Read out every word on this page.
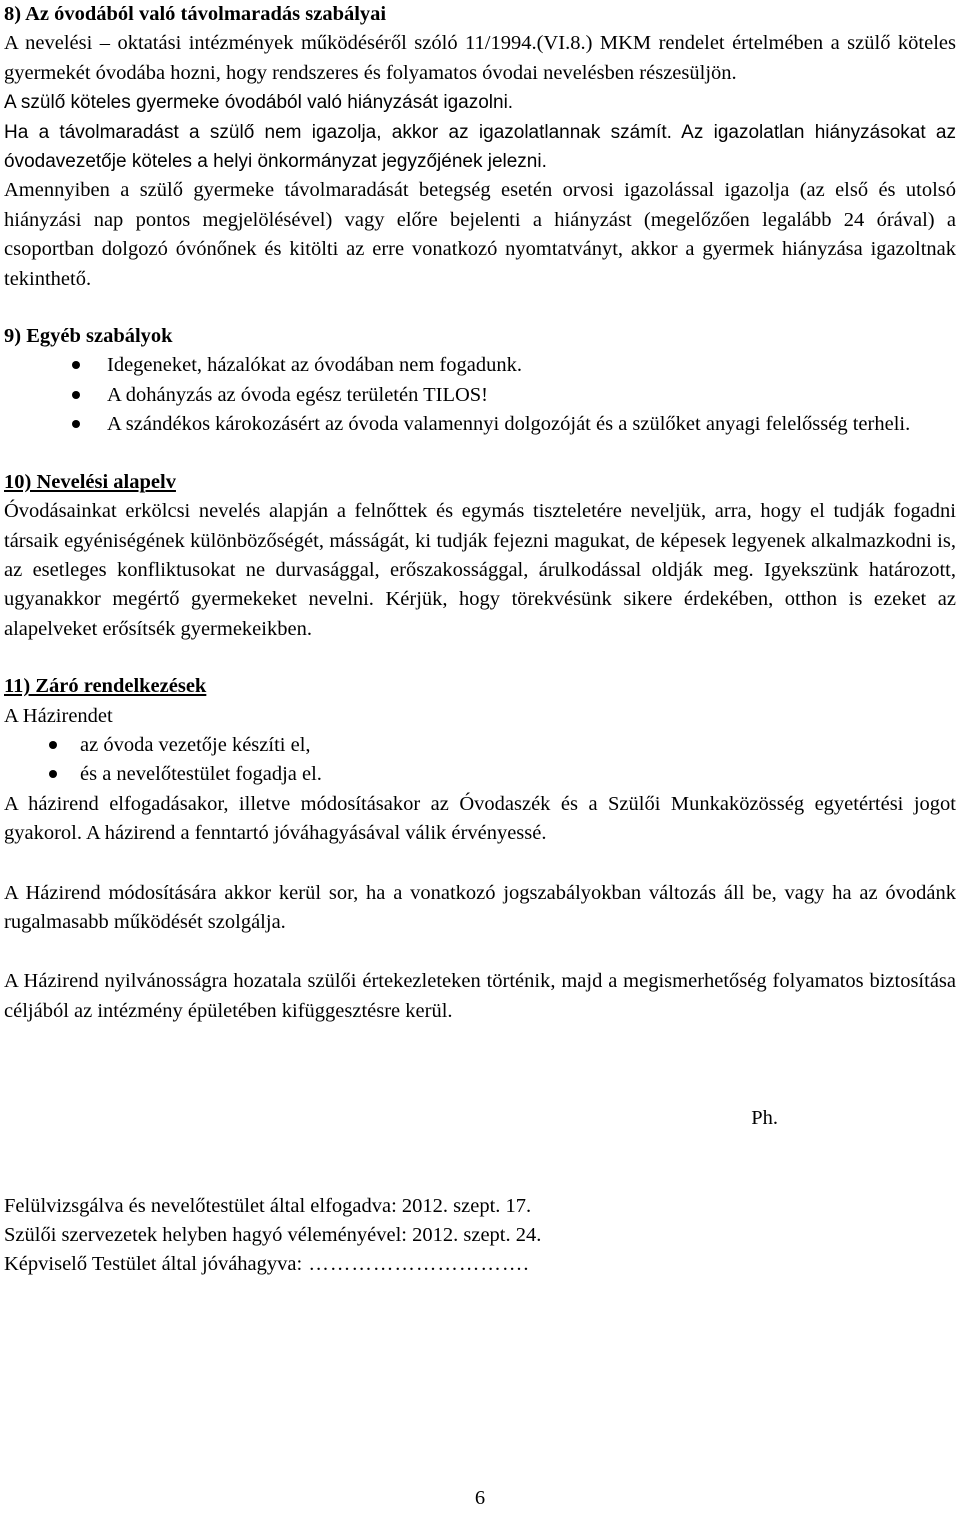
8) Az óvodából való távolmaradás szabályai

A nevelési – oktatási intézmények működéséről szóló 11/1994.(VI.8.) MKM rendelet értelmében a szülő köteles gyermekét óvodába hozni, hogy rendszeres és folyamatos óvodai nevelésben részesüljön.

A szülő köteles gyermeke óvodából való hiányzását igazolni.

Ha a távolmaradást a szülő nem igazolja, akkor az igazolatlannak számít. Az igazolatlan hiányzásokat az óvodavezetője köteles a helyi önkormányzat jegyzőjének jelezni.

Amennyiben a szülő gyermeke távolmaradását betegség esetén orvosi igazolással igazolja (az első és utolsó hiányzási nap pontos megjelölésével) vagy előre bejelenti a hiányzást (megelőzően legalább 24 órával) a csoportban dolgozó óvónőnek és kitölti az erre vonatkozó nyomtatványt, akkor a gyermek hiányzása igazoltnak tekinthető.

9) Egyéb szabályok

Idegeneket, házalókat az óvodában nem fogadunk.
A dohányzás az óvoda egész területén TILOS!
A szándékos károkozásért az óvoda valamennyi dolgozóját és a szülőket anyagi felelősség terheli.

10) Nevelési alapelv

Óvodásainkat erkölcsi nevelés alapján a felnőttek és egymás tiszteletére neveljük, arra, hogy el tudják fogadni társaik egyéniségének különbözőségét, másságát, ki tudják fejezni magukat, de képesek legyenek alkalmazkodni is, az esetleges konfliktusokat ne durvasággal, erőszakossággal, árulkodással oldják meg. Igyekszünk határozott, ugyanakkor megértő gyermekeket nevelni. Kérjük, hogy törekvésünk sikere érdekében, otthon is ezeket az alapelveket erősítsék gyermekeikben.

11) Záró rendelkezések

A Házirendet

az óvoda vezetője készíti el,
és a nevelőtestület fogadja el.

A házirend elfogadásakor, illetve módosításakor az Óvodaszék és a Szülői Munkaközösség egyetértési jogot gyakorol. A házirend a fenntartó jóváhagyásával válik érvényessé.

A Házirend módosítására akkor kerül sor, ha a vonatkozó jogszabályokban változás áll be, vagy ha az óvodánk rugalmasabb működését szolgálja.

A Házirend nyilvánosságra hozatala szülői értekezleteken történik, majd a megismerhetőség folyamatos biztosítása céljából az intézmény épületében kifüggesztésre kerül.

Ph.

Felülvizsgálva és nevelőtestület által elfogadva: 2012. szept. 17.

Szülői szervezetek helyben hagyó véleményével: 2012. szept. 24.

Képviselő Testület által jóváhagyva: ………………………….

6
